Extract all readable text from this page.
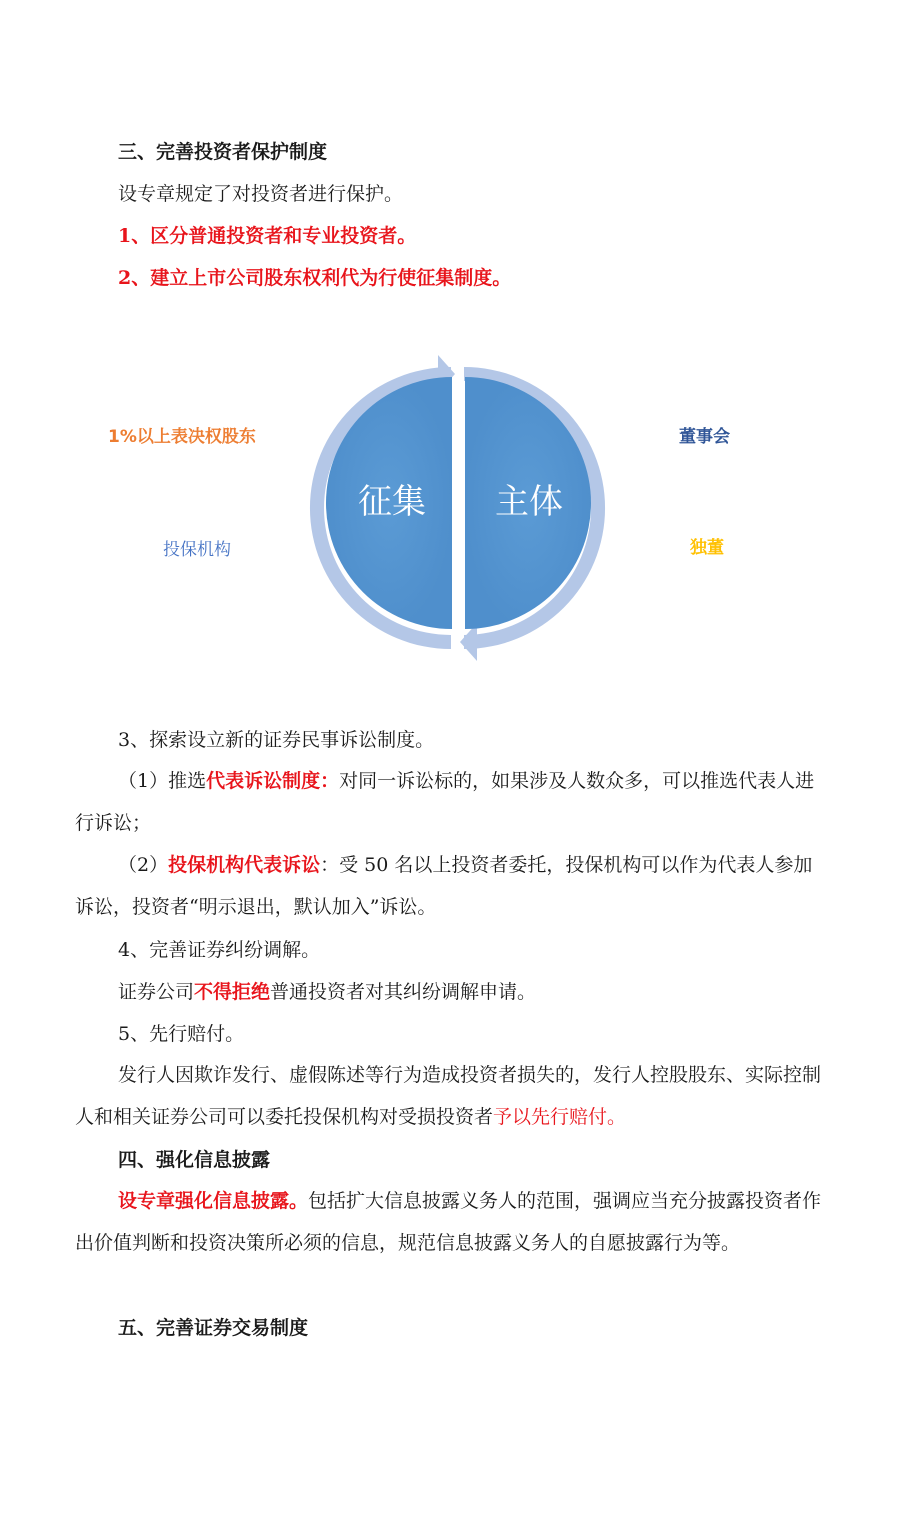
三、完善投资者保护制度
设专章规定了对投资者进行保护。
1、区分普通投资者和专业投资者。
2、建立上市公司股东权利代为行使征集制度。
征集 主体
1%以上表决权股东
投保机构
董事会
独董
3、探索设立新的证券民事诉讼制度。
（1）推选代表诉讼制度：对同一诉讼标的，如果涉及人数众多，可以推选代表人进行诉讼；
（2）投保机构代表诉讼：受 50 名以上投资者委托，投保机构可以作为代表人参加诉讼，投资者“明示退出，默认加入”诉讼。
4、完善证券纠纷调解。
证券公司不得拒绝普通投资者对其纠纷调解申请。
5、先行赔付。
发行人因欺诈发行、虚假陈述等行为造成投资者损失的，发行人控股股东、实际控制人和相关证券公司可以委托投保机构对受损投资者予以先行赔付。
四、强化信息披露
设专章强化信息披露。包括扩大信息披露义务人的范围，强调应当充分披露投资者作出价值判断和投资决策所必须的信息，规范信息披露义务人的自愿披露行为等。
五、完善证券交易制度
